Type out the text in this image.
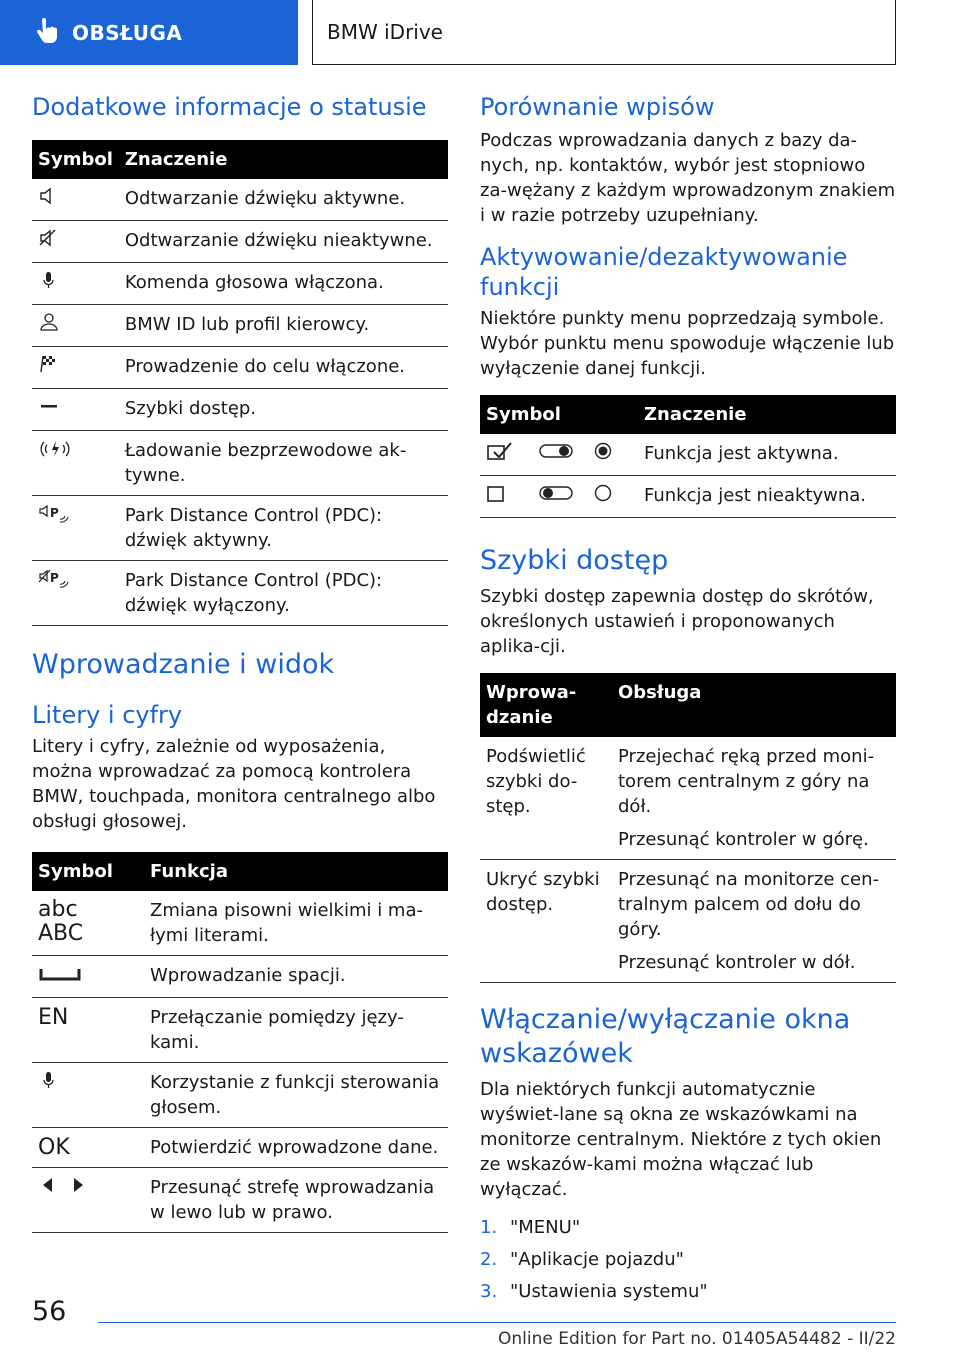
OBSŁUGA	BMW iDrive
Dodatkowe informacje o statusie
Symbol	Znaczenie
	Odtwarzanie dźwięku aktywne.
	Odtwarzanie dźwięku nieaktywne.
	Komenda głosowa włączona.
	BMW ID lub profil kierowcy.
	Prowadzenie do celu włączone.
	Szybki dostęp.
	Ładowanie bezprzewodowe ak-tywne.

P	Park Distance Control (PDC): dźwięk aktywny.

P	Park Distance Control (PDC): dźwięk wyłączony.
Wprowadzanie i widok
Litery i cyfry
Litery i cyfry, zależnie od wyposażenia, można wprowadzać za pomocą kontrolera BMW, touchpada, monitora centralnego albo obsługi głosowej.
Symbol	Funkcja

abc
ABC	Zmiana pisowni wielkimi i ma-łymi literami.
	Wprowadzanie spacji.
EN	Przełączanie pomiędzy języ-kami.
	Korzystanie z funkcji sterowania głosem.
OK	Potwierdzić wprowadzone dane.
	Przesunąć strefę wprowadzania w lewo lub w prawo.
Porównanie wpisów
Podczas wprowadzania danych z bazy da-nych, np. kontaktów, wybór jest stopniowo za-wężany z każdym wprowadzonym znakiem i w razie potrzeby uzupełniany.
Aktywowanie/dezaktywowanie funkcji
Niektóre punkty menu poprzedzają symbole. Wybór punktu menu spowoduje włączenie lub wyłączenie danej funkcji.
Symbol	Znaczenie
	Funkcja jest aktywna.
	Funkcja jest nieaktywna.
Szybki dostęp
Szybki dostęp zapewnia dostęp do skrótów, określonych ustawień i proponowanych aplika-cji.
Wprowa-dzanie	Obsługa
Podświetlić szybki do-stęp.	Przejechać ręką przed moni-torem centralnym z góry na dół.
Przesunąć kontroler w górę.

Ukryć szybki dostęp.	Przesunąć na monitorze cen-tralnym palcem od dołu do góry.
Przesunąć kontroler w dół.
Włączanie/wyłączanie okna wskazówek
Dla niektórych funkcji automatycznie wyświet-lane są okna ze wskazówkami na monitorze centralnym. Niektóre z tych okien ze wskazów-kami można włączać lub wyłączać.
1. "MENU"
2. "Aplikacje pojazdu"
3. "Ustawienia systemu"
56
Online Edition for Part no. 01405A54482 - II/22
